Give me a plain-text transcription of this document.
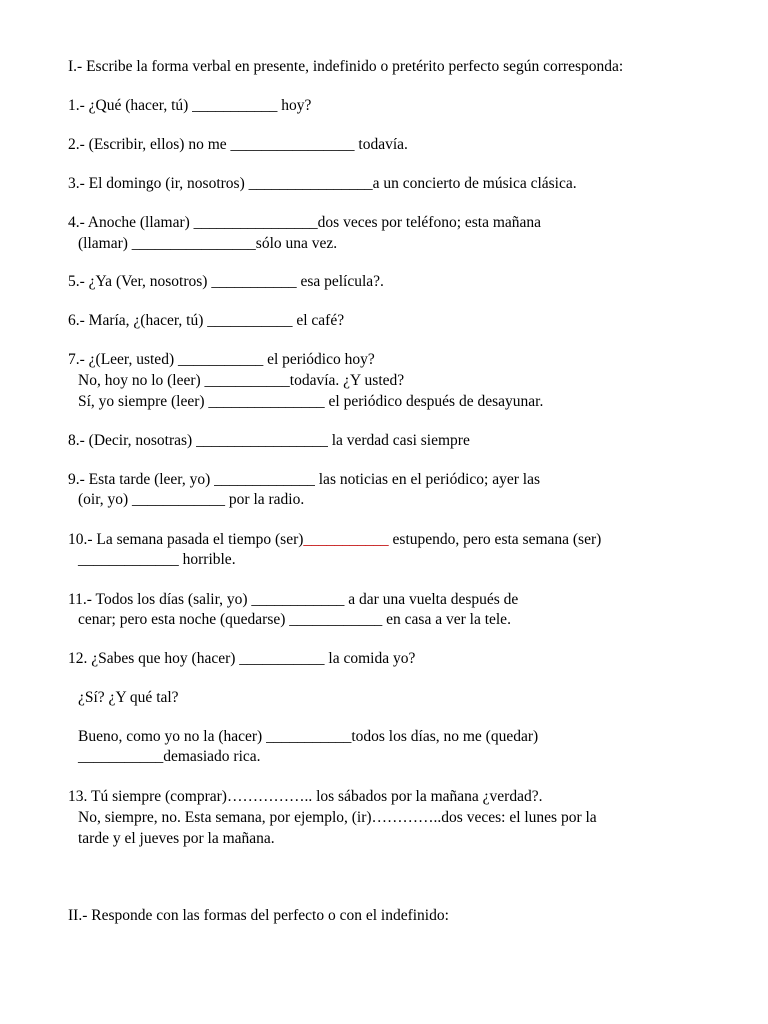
I.- Escribe la forma verbal en presente, indefinido o pretérito perfecto según corresponda:
1.- ¿Qué (hacer, tú) ___________ hoy?
2.- (Escribir, ellos) no me ________________ todavía.
3.- El domingo (ir, nosotros) ________________a un concierto de música clásica.
4.- Anoche (llamar) ________________dos veces por teléfono; esta mañana
(llamar) ________________sólo una vez.
5.- ¿Ya (Ver, nosotros) ___________ esa película?.
6.- María, ¿(hacer, tú) ___________ el café?
7.- ¿(Leer, usted) ___________ el periódico hoy?
No, hoy no lo (leer) ___________todavía. ¿Y usted?
Sí, yo siempre (leer) _______________ el periódico después de desayunar.
8.- (Decir, nosotras) _________________ la verdad casi siempre
9.- Esta tarde (leer, yo) _____________ las noticias en el periódico; ayer las
(oir, yo) ____________ por la radio.
10.- La semana pasada el tiempo (ser)___________ estupendo, pero esta semana (ser)
_____________ horrible.
11.- Todos los días (salir, yo) ____________ a dar una vuelta después de
cenar; pero esta noche (quedarse) ____________ en casa a ver la tele.
12. ¿Sabes que hoy (hacer) ___________ la comida yo?
¿Sí? ¿Y qué tal?
Bueno, como yo no la (hacer) ___________todos los días, no me (quedar)
___________demasiado rica.
13. Tú siempre (comprar)…………….. los sábados por la mañana ¿verdad?.
No, siempre, no. Esta semana, por ejemplo, (ir)…………..dos veces: el lunes por la
tarde y el jueves por la mañana.
II.- Responde con las formas del perfecto o con el indefinido:
